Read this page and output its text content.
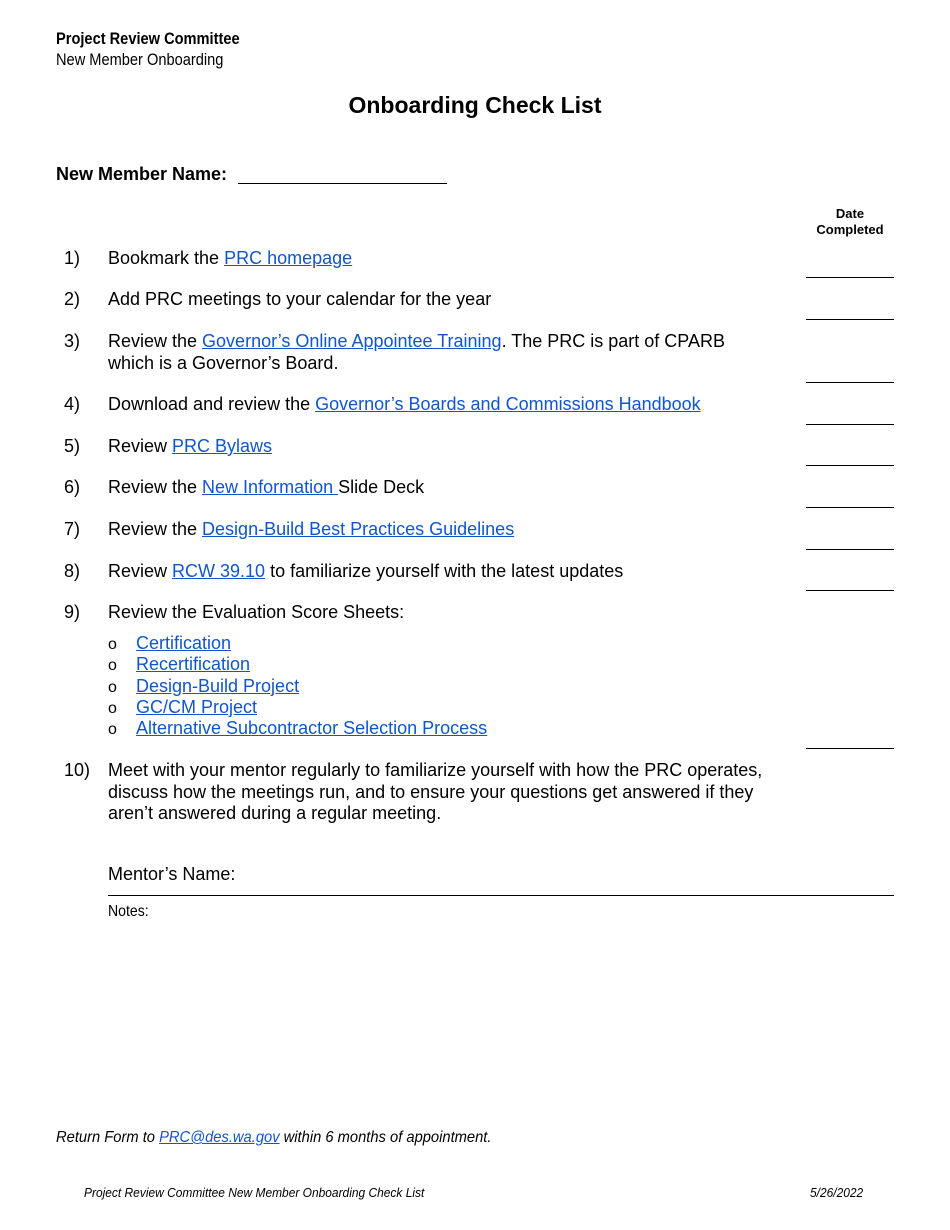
Project Review Committee
New Member Onboarding
Onboarding Check List
New Member Name:
Date
Completed
1) Bookmark the PRC homepage
2) Add PRC meetings to your calendar for the year
3) Review the Governor’s Online Appointee Training. The PRC is part of CPARB
which is a Governor’s Board.
4) Download and review the Governor’s Boards and Commissions Handbook
5) Review PRC Bylaws
6) Review the New Information Slide Deck
7) Review the Design-Build Best Practices Guidelines
8) Review RCW 39.10 to familiarize yourself with the latest updates
9) Review the Evaluation Score Sheets:
o Certification
o Recertification
o Design-Build Project
o GC/CM Project
o Alternative Subcontractor Selection Process
10) Meet with your mentor regularly to familiarize yourself with how the PRC operates,
discuss how the meetings run, and to ensure your questions get answered if they
aren’t answered during a regular meeting.
Mentor’s Name:
Notes:
Return Form to PRC@des.wa.gov within 6 months of appointment.
Project Review Committee New Member Onboarding Check List	5/26/2022
